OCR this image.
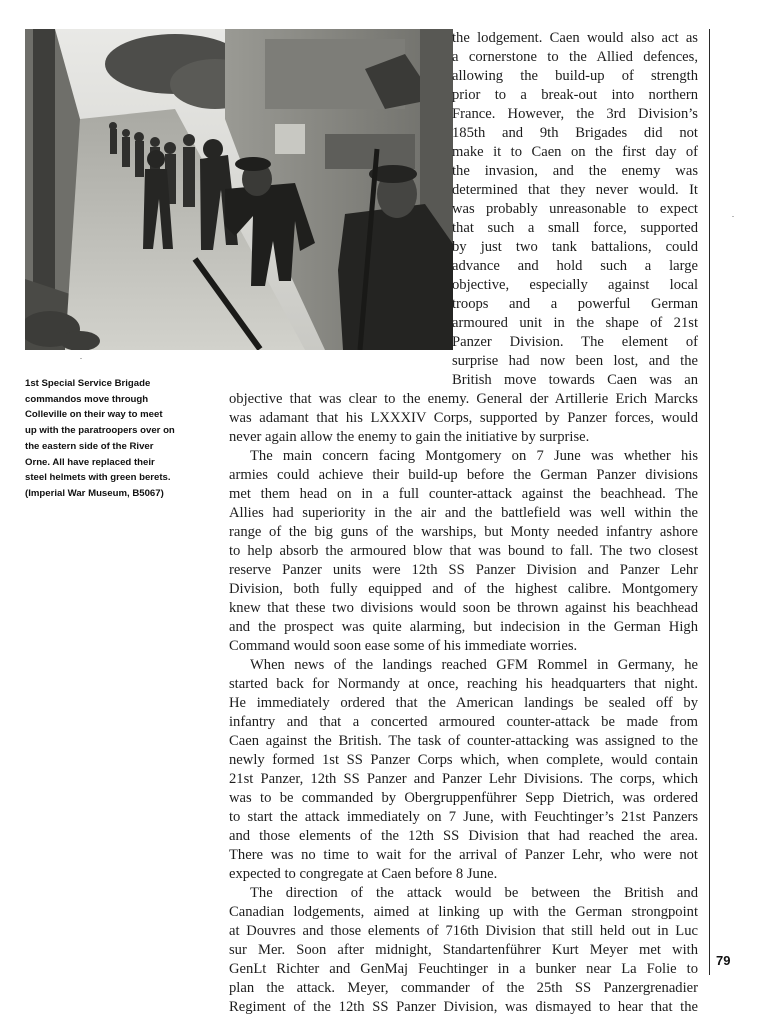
1st Special Service Brigade
commandos move through
Colleville on their way to meet
up with the paratroopers over on
the eastern side of the River
Orne. All have replaced their
steel helmets with green berets.
(Imperial War Museum, B5067)
the lodgement. Caen would also act as
a cornerstone to the Allied defences,
allowing the build-up of strength
prior to a break-out into northern
France. However, the 3rd Division’s
185th and 9th Brigades did not
make it to Caen on the first day of
the invasion, and the enemy was
determined that they never would. It
was probably unreasonable to expect
that such a small force, supported
by just two tank battalions, could
advance and hold such a large
objective, especially against local
troops and a powerful German
armoured unit in the shape of 21st
Panzer Division. The element of
surprise had now been lost, and the
British move towards Caen was an
objective that was clear to the enemy. General der Artillerie Erich Marcks
was adamant that his LXXXIV Corps, supported by Panzer forces, would
never again allow the enemy to gain the initiative by surprise.
The main concern facing Montgomery on 7 June was whether his
armies could achieve their build-up before the German Panzer divisions
met them head on in a full counter-attack against the beachhead. The
Allies had superiority in the air and the battlefield was well within the
range of the big guns of the warships, but Monty needed infantry ashore
to help absorb the armoured blow that was bound to fall. The two closest
reserve Panzer units were 12th SS Panzer Division and Panzer Lehr
Division, both fully equipped and of the highest calibre. Montgomery
knew that these two divisions would soon be thrown against his beachhead
and the prospect was quite alarming, but indecision in the German High
Command would soon ease some of his immediate worries.
When news of the landings reached GFM Rommel in Germany, he
started back for Normandy at once, reaching his headquarters that night.
He immediately ordered that the American landings be sealed off by
infantry and that a concerted armoured counter-attack be made from
Caen against the British. The task of counter-attacking was assigned to the
newly formed 1st SS Panzer Corps which, when complete, would contain
21st Panzer, 12th SS Panzer and Panzer Lehr Divisions. The corps, which
was to be commanded by Obergruppenführer Sepp Dietrich, was ordered
to start the attack immediately on 7 June, with Feuchtinger’s 21st Panzers
and those elements of the 12th SS Division that had reached the area.
There was no time to wait for the arrival of Panzer Lehr, who were not
expected to congregate at Caen before 8 June.
The direction of the attack would be between the British and
Canadian lodgements, aimed at linking up with the German strongpoint
at Douvres and those elements of 716th Division that still held out in Luc
sur Mer. Soon after midnight, Standartenführer Kurt Meyer met with
GenLt Richter and GenMaj Feuchtinger in a bunker near La Folie to
plan the attack. Meyer, commander of the 25th SS Panzergrenadier
Regiment of the 12th SS Panzer Division, was dismayed to hear that the
79
